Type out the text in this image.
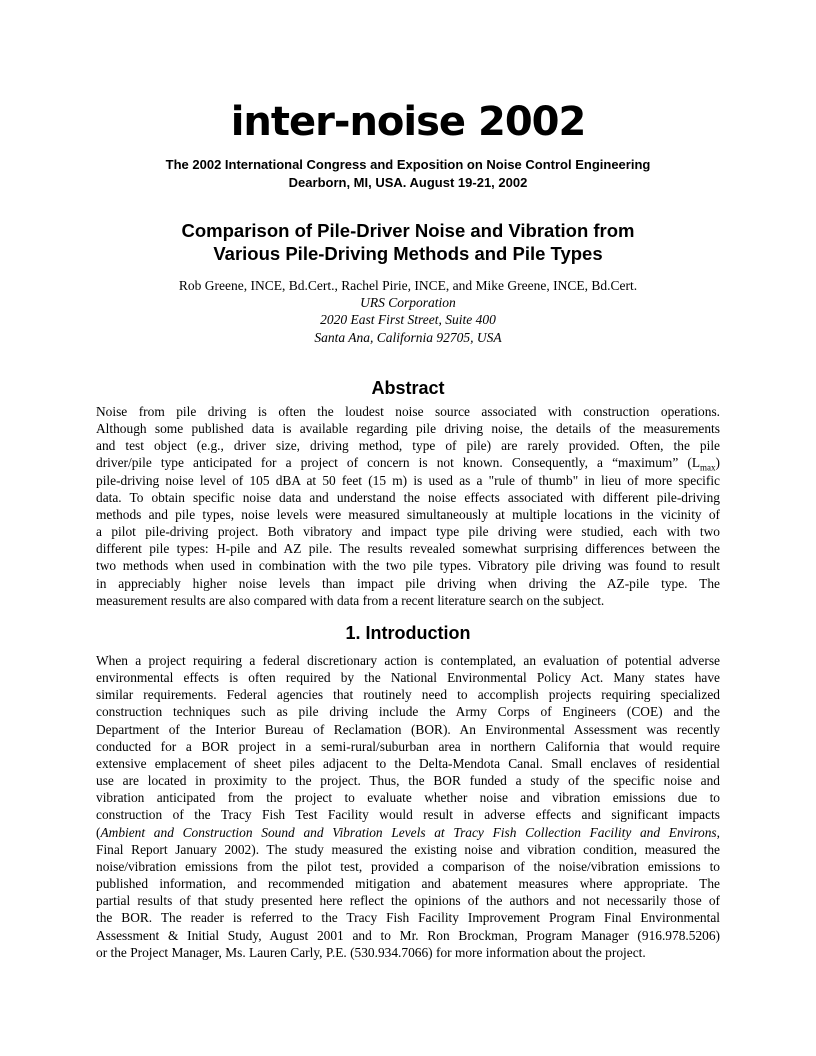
inter-noise 2002
The 2002 International Congress and Exposition on Noise Control Engineering
Dearborn, MI, USA. August 19-21, 2002
Comparison of Pile-Driver Noise and Vibration from
Various Pile-Driving Methods and Pile Types
Rob Greene, INCE, Bd.Cert., Rachel Pirie, INCE, and Mike Greene, INCE, Bd.Cert.
URS Corporation
2020 East First Street, Suite 400
Santa Ana, California 92705, USA
Abstract
Noise from pile driving is often the loudest noise source associated with construction operations.
Although some published data is available regarding pile driving noise, the details of the measurements
and test object (e.g., driver size, driving method, type of pile) are rarely provided. Often, the pile
driver/pile type anticipated for a project of concern is not known. Consequently, a “maximum” $(L_{max})$
pile-driving noise level of 105 dBA at 50 feet (15 m) is used as a "rule of thumb" in lieu of more specific
data. To obtain specific noise data and understand the noise effects associated with different pile-driving
methods and pile types, noise levels were measured simultaneously at multiple locations in the vicinity of
a pilot pile-driving project. Both vibratory and impact type pile driving were studied, each with two
different pile types: H-pile and AZ pile. The results revealed somewhat surprising differences between the
two methods when used in combination with the two pile types. Vibratory pile driving was found to result
in appreciably higher noise levels than impact pile driving when driving the AZ-pile type. The
measurement results are also compared with data from a recent literature search on the subject.
1. Introduction
When a project requiring a federal discretionary action is contemplated, an evaluation of potential adverse
environmental effects is often required by the National Environmental Policy Act. Many states have
similar requirements. Federal agencies that routinely need to accomplish projects requiring specialized
construction techniques such as pile driving include the Army Corps of Engineers (COE) and the
Department of the Interior Bureau of Reclamation (BOR). An Environmental Assessment was recently
conducted for a BOR project in a semi-rural/suburban area in northern California that would require
extensive emplacement of sheet piles adjacent to the Delta-Mendota Canal. Small enclaves of residential
use are located in proximity to the project. Thus, the BOR funded a study of the specific noise and
vibration anticipated from the project to evaluate whether noise and vibration emissions due to
construction of the Tracy Fish Test Facility would result in adverse effects and significant impacts
(Ambient and Construction Sound and Vibration Levels at Tracy Fish Collection Facility and Environs,
Final Report January 2002). The study measured the existing noise and vibration condition, measured the
noise/vibration emissions from the pilot test, provided a comparison of the noise/vibration emissions to
published information, and recommended mitigation and abatement measures where appropriate. The
partial results of that study presented here reflect the opinions of the authors and not necessarily those of
the BOR. The reader is referred to the Tracy Fish Facility Improvement Program Final Environmental
Assessment & Initial Study, August 2001 and to Mr. Ron Brockman, Program Manager (916.978.5206)
or the Project Manager, Ms. Lauren Carly, P.E. (530.934.7066) for more information about the project.
